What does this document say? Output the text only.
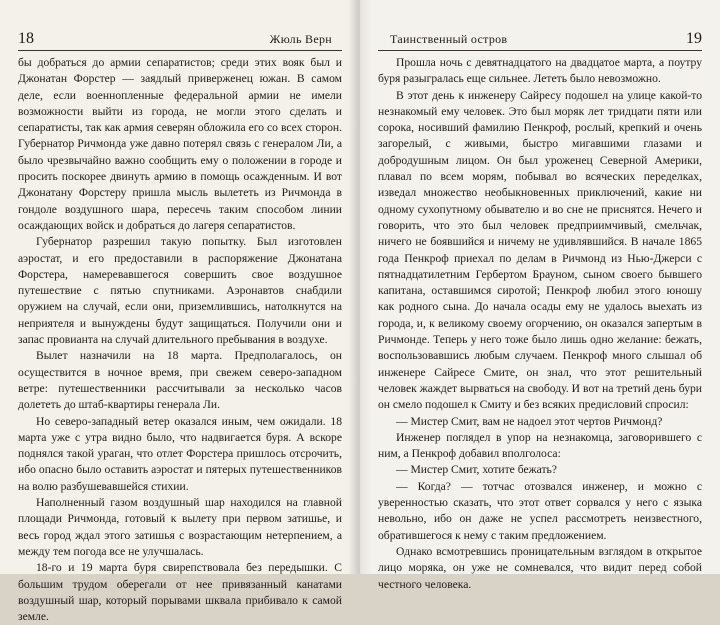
18	Жюль Верн

бы добраться до армии сепаратистов; среди этих вояк был и Джонатан Форстер — заядлый приверженец южан. В самом деле, если военнопленные федеральной армии не имели возможности выйти из города, не могли этого сделать и сепаратисты, так как армия северян обложила его со всех сторон. Губернатор Ричмонда уже давно потерял связь с генералом Ли, а было чрезвычайно важно сообщить ему о положении в городе и просить поскорее двинуть армию в помощь осажденным. И вот Джонатану Форстеру пришла мысль вылететь из Ричмонда в гондоле воздушного шара, пересечь таким способом линии осаждающих войск и добраться до лагеря сепаратистов.

Губернатор разрешил такую попытку. Был изготовлен аэростат, и его предоставили в распоряжение Джонатана Форстера, намеревавшегося совершить свое воздушное путешествие с пятью спутниками. Аэронавтов снабдили оружием на случай, если они, приземлившись, натолкнутся на неприятеля и вынуждены будут защищаться. Получили они и запас провианта на случай длительного пребывания в воздухе.

Вылет назначили на 18 марта. Предполагалось, он осуществится в ночное время, при свежем северо-западном ветре: путешественники рассчитывали за несколько часов долететь до штаб-квартиры генерала Ли.

Но северо-западный ветер оказался иным, чем ожидали. 18 марта уже с утра видно было, что надвигается буря. А вскоре поднялся такой ураган, что отлет Форстера пришлось отсрочить, ибо опасно было оставить аэростат и пятерых путешественников на волю разбушевавшейся стихии.

Наполненный газом воздушный шар находился на главной площади Ричмонда, готовый к вылету при первом затишье, и весь город ждал этого затишья с возрастающим нетерпением, а между тем погода все не улучшалась.

18-го и 19 марта буря свирепствовала без передышки. С большим трудом оберегали от нее привязанный канатами воздушный шар, который порывами шквала прибивало к самой земле.

Таинственный остров	19

Прошла ночь с девятнадцатого на двадцатое марта, а поутру буря разыгралась еще сильнее. Лететь было невозможно.

В этот день к инженеру Сайресу подошел на улице какой-то незнакомый ему человек. Это был моряк лет тридцати пяти или сорока, носивший фамилию Пенкроф, рослый, крепкий и очень загорелый, с живыми, быстро мигавшими глазами и добродушным лицом. Он был уроженец Северной Америки, плавал по всем морям, побывал во всяческих переделках, изведал множество необыкновенных приключений, какие ни одному сухопутному обывателю и во сне не приснятся. Нечего и говорить, что это был человек предприимчивый, смельчак, ничего не боявшийся и ничему не удивлявшийся. В начале 1865 года Пенкроф приехал по делам в Ричмонд из Нью-Джерси с пятнадцатилетним Гербертом Брауном, сыном своего бывшего капитана, оставшимся сиротой; Пенкроф любил этого юношу как родного сына. До начала осады ему не удалось выехать из города, и, к великому своему огорчению, он оказался запертым в Ричмонде. Теперь у него тоже было лишь одно желание: бежать, воспользовавшись любым случаем. Пенкроф много слышал об инженере Сайресе Смите, он знал, что этот решительный человек жаждет вырваться на свободу. И вот на третий день бури он смело подошел к Смиту и без всяких предисловий спросил:

— Мистер Смит, вам не надоел этот чертов Ричмонд?

Инженер поглядел в упор на незнакомца, заговорившего с ним, а Пенкроф добавил вполголоса:

— Мистер Смит, хотите бежать?

— Когда? — тотчас отозвался инженер, и можно с уверенностью сказать, что этот ответ сорвался у него с языка невольно, ибо он даже не успел рассмотреть неизвестного, обратившегося к нему с таким предложением.

Однако всмотревшись проницательным взглядом в открытое лицо моряка, он уже не сомневался, что видит перед собой честного человека.
